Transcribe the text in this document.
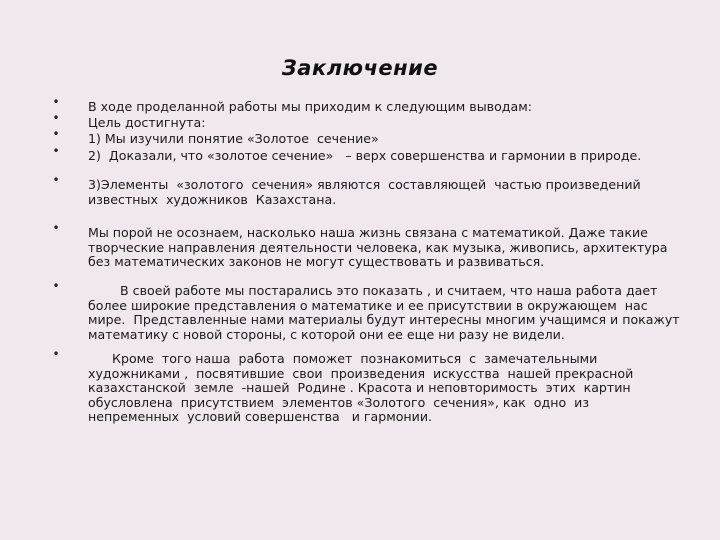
Заключение
• В ходе проделанной работы мы приходим к следующим выводам:
• Цель достигнута:
• 1) Мы изучили понятие «Золотое  сечение»
• 2)  Доказали, что «золотое сечение»   – верх совершенства и гармонии в природе.
• 3)Элементы  «золотого  сечения» являются  составляющей  частью произведений  известных  художников  Казахстана.
• Мы порой не осознаем, насколько наша жизнь связана с математикой. Даже такие творческие направления деятельности человека, как музыка, живопись, архитектура без математических законов не могут существовать и развиваться.
• В своей работе мы постарались это показать , и считаем, что наша работа дает более широкие представления о математике и ее присутствии в окружающем  нас  мире.  Представленные нами материалы будут интересны многим учащимся и покажут математику с новой стороны, с которой они ее еще ни разу не видели.
• Кроме  того наша  работа  поможет  познакомиться  с  замечательными художниками ,  посвятившие  свои  произведения  искусства  нашей прекрасной казахстанской  земле  -нашей  Родине . Красота и неповторимость  этих  картин  обусловлена  присутствием  элементов «Золотого  сечения», как  одно  из  непременных  условий совершенства   и гармонии.
